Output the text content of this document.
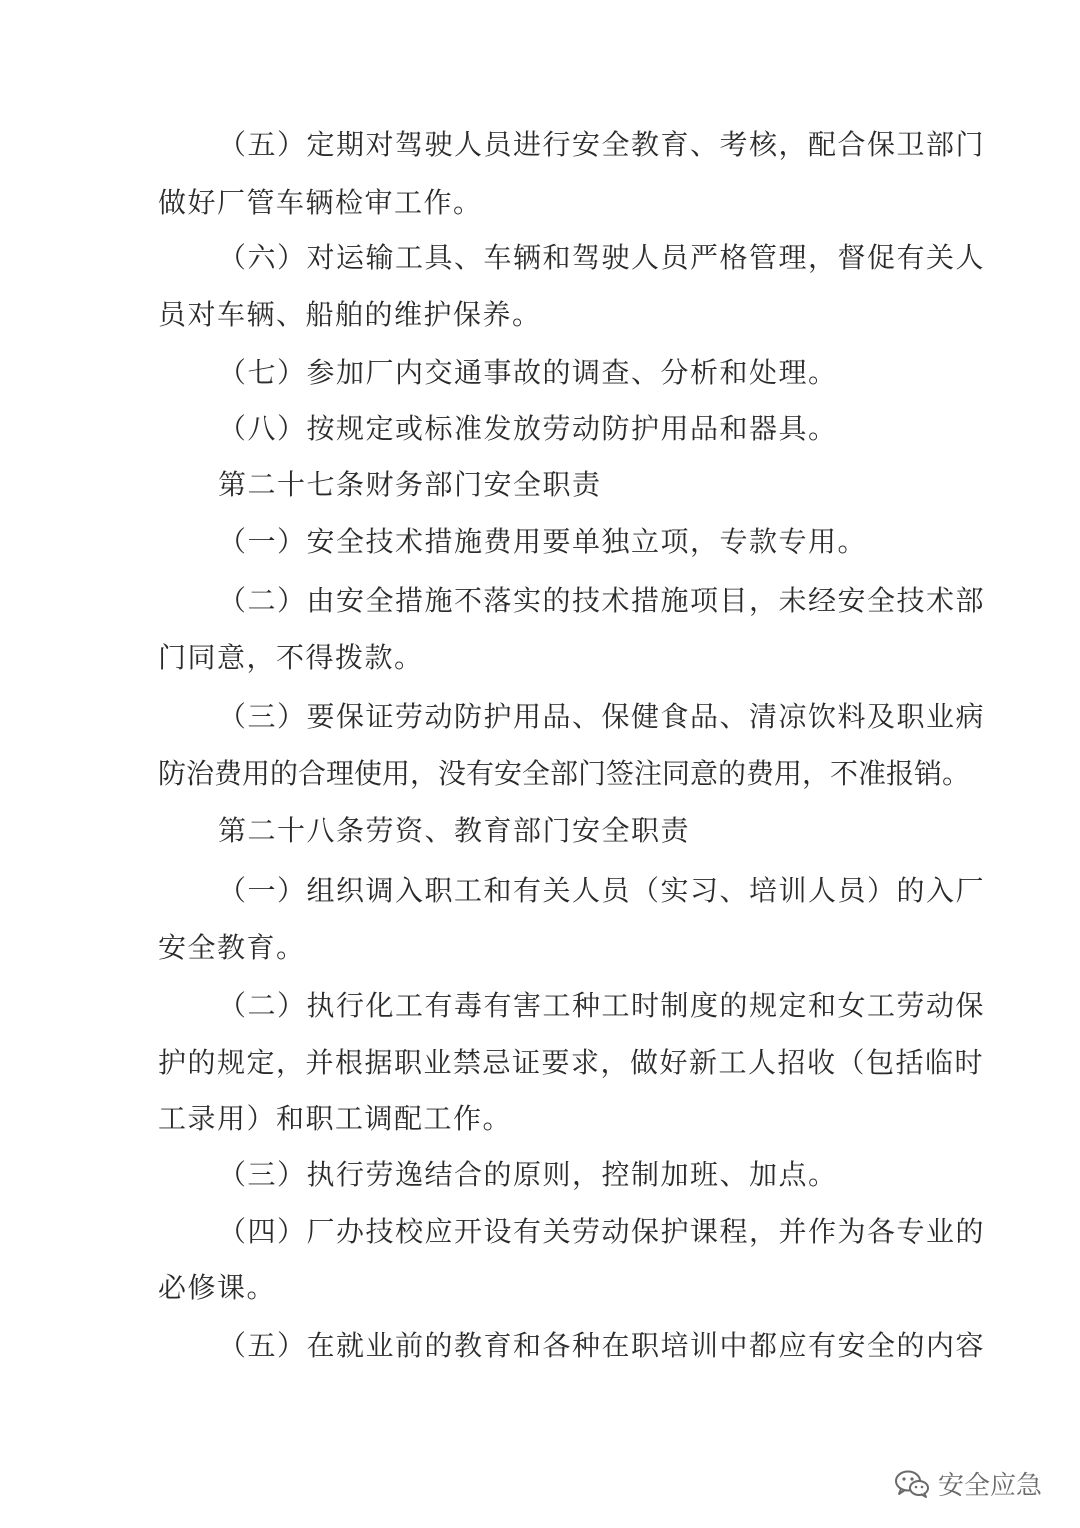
（五）定期对驾驶人员进行安全教育、考核，配合保卫部门

做好厂管车辆检审工作。

（六）对运输工具、车辆和驾驶人员严格管理，督促有关人

员对车辆、船舶的维护保养。

（七）参加厂内交通事故的调查、分析和处理。

（八）按规定或标准发放劳动防护用品和器具。

第二十七条财务部门安全职责

（一）安全技术措施费用要单独立项，专款专用。

（二）由安全措施不落实的技术措施项目，未经安全技术部

门同意，不得拨款。

（三）要保证劳动防护用品、保健食品、清凉饮料及职业病

防治费用的合理使用，没有安全部门签注同意的费用，不准报销。

第二十八条劳资、教育部门安全职责

（一）组织调入职工和有关人员（实习、培训人员）的入厂

安全教育。

（二）执行化工有毒有害工种工时制度的规定和女工劳动保

护的规定，并根据职业禁忌证要求，做好新工人招收（包括临时

工录用）和职工调配工作。

（三）执行劳逸结合的原则，控制加班、加点。

（四）厂办技校应开设有关劳动保护课程，并作为各专业的

必修课。

（五）在就业前的教育和各种在职培训中都应有安全的内容

安全应急
